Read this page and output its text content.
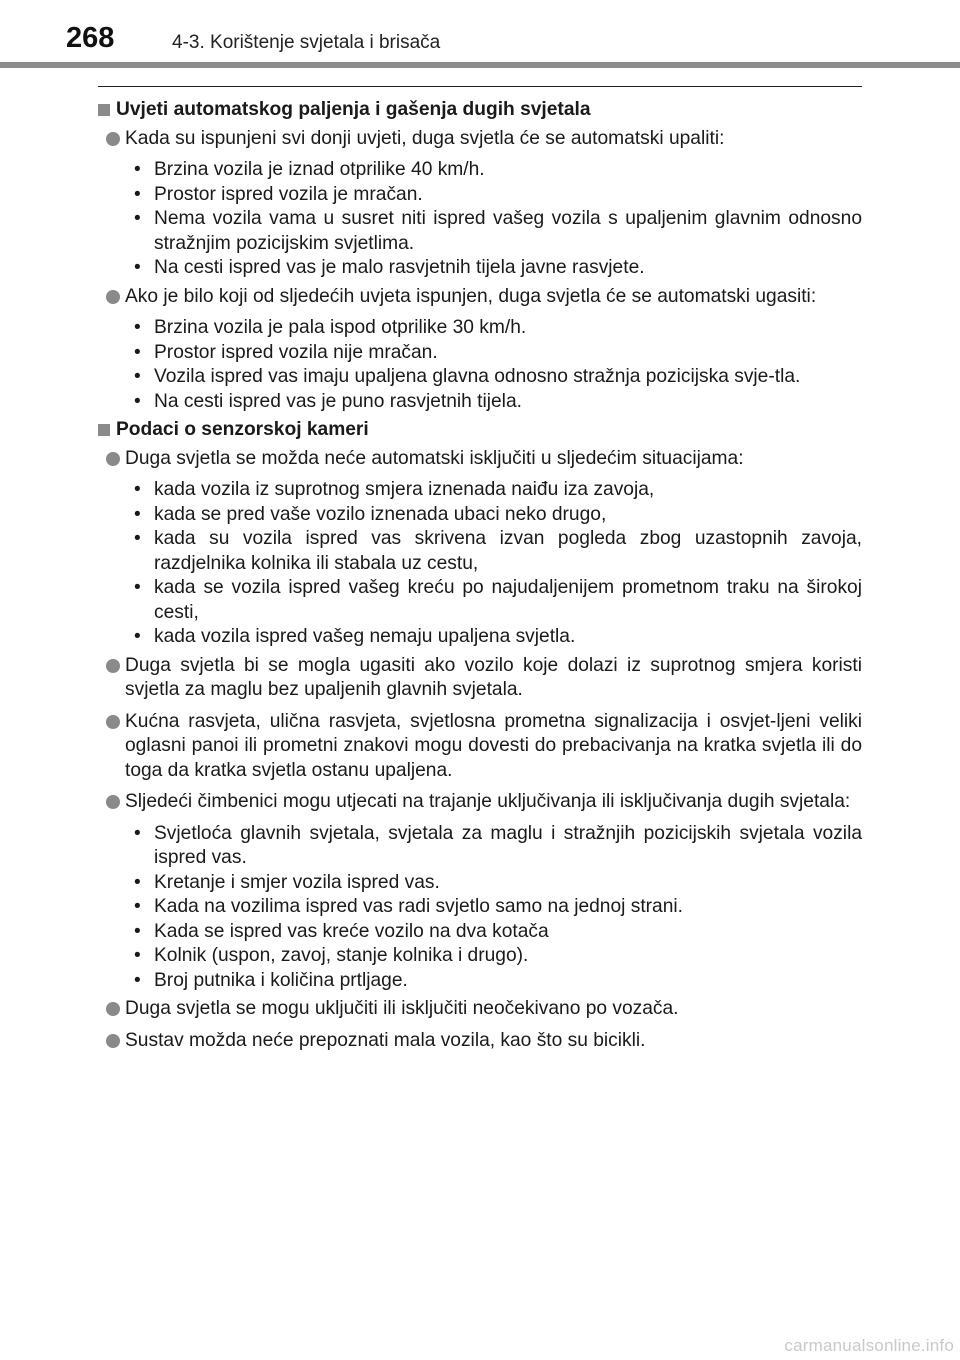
268	4-3. Korištenje svjetala i brisača
Uvjeti automatskog paljenja i gašenja dugih svjetala
Kada su ispunjeni svi donji uvjeti, duga svjetla će se automatski upaliti:
• Brzina vozila je iznad otprilike 40 km/h.
• Prostor ispred vozila je mračan.
• Nema vozila vama u susret niti ispred vašeg vozila s upaljenim glavnim odnosno stražnjim pozicijskim svjetlima.
• Na cesti ispred vas je malo rasvjetnih tijela javne rasvjete.
Ako je bilo koji od sljedećih uvjeta ispunjen, duga svjetla će se automatski ugasiti:
• Brzina vozila je pala ispod otprilike 30 km/h.
• Prostor ispred vozila nije mračan.
• Vozila ispred vas imaju upaljena glavna odnosno stražnja pozicijska svje-tla.
• Na cesti ispred vas je puno rasvjetnih tijela.
Podaci o senzorskoj kameri
Duga svjetla se možda neće automatski isključiti u sljedećim situacijama:
• kada vozila iz suprotnog smjera iznenada naiđu iza zavoja,
• kada se pred vaše vozilo iznenada ubaci neko drugo,
• kada su vozila ispred vas skrivena izvan pogleda zbog uzastopnih zavoja, razdjelnika kolnika ili stabala uz cestu,
• kada se vozila ispred vašeg kreću po najudaljenijem prometnom traku na širokoj cesti,
• kada vozila ispred vašeg nemaju upaljena svjetla.
Duga svjetla bi se mogla ugasiti ako vozilo koje dolazi iz suprotnog smjera koristi svjetla za maglu bez upaljenih glavnih svjetala.
Kućna rasvjeta, ulična rasvjeta, svjetlosna prometna signalizacija i osvjet-ljeni veliki oglasni panoi ili prometni znakovi mogu dovesti do prebacivanja na kratka svjetla ili do toga da kratka svjetla ostanu upaljena.
Sljedeći čimbenici mogu utjecati na trajanje uključivanja ili isključivanja dugih svjetala:
• Svjetloća glavnih svjetala, svjetala za maglu i stražnjih pozicijskih svjetala vozila ispred vas.
• Kretanje i smjer vozila ispred vas.
• Kada na vozilima ispred vas radi svjetlo samo na jednoj strani.
• Kada se ispred vas kreće vozilo na dva kotača
• Kolnik (uspon, zavoj, stanje kolnika i drugo).
• Broj putnika i količina prtljage.
Duga svjetla se mogu uključiti ili isključiti neočekivano po vozača.
Sustav možda neće prepoznati mala vozila, kao što su bicikli.
carmanualsonline.info
